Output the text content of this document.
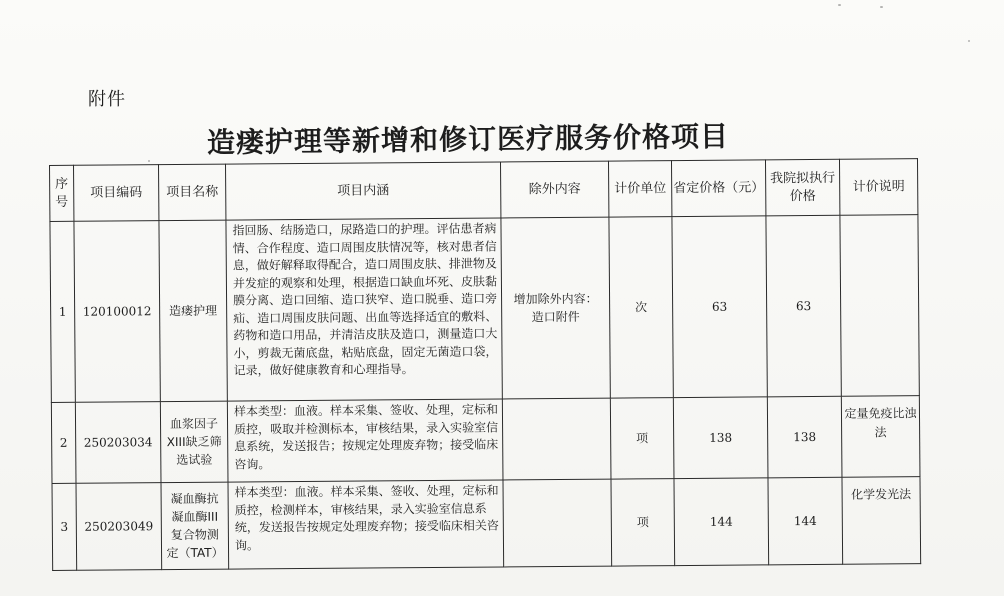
附件
造瘘护理等新增和修订医疗服务价格项目
序号	项目编码	项目名称	项目内涵	除外内容	计价单位	省定价格（元）	我院拟执行价格	计价说明
1	120100012	造瘘护理	指回肠、结肠造口，尿路造口的护理。评估患者病情、合作程度、造口周围皮肤情况等，核对患者信息，做好解释取得配合，造口周围皮肤、排泄物及并发症的观察和处理，根据造口缺血坏死、皮肤黏膜分离、造口回缩、造口狭窄、造口脱垂、造口旁疝、造口周围皮肤问题、出血等选择适宜的敷料、药物和造口用品，并清洁皮肤及造口，测量造口大小，剪裁无菌底盘，粘贴底盘，固定无菌造口袋，记录，做好健康教育和心理指导。	增加除外内容：造口附件	次	63	63	
2	250203034	血浆因子XIII缺乏筛选试验	样本类型：血液。样本采集、签收、处理，定标和质控，吸取并检测标本，审核结果，录入实验室信息系统，发送报告；按规定处理废弃物；接受临床咨询。		项	138	138	定量免疫比浊法
3	250203049	凝血酶抗凝血酶III复合物测定（TAT）	样本类型：血液。样本采集、签收、处理，定标和质控，检测样本，审核结果，录入实验室信息系统，发送报告按规定处理废弃物；接受临床相关咨询。		项	144	144	化学发光法
